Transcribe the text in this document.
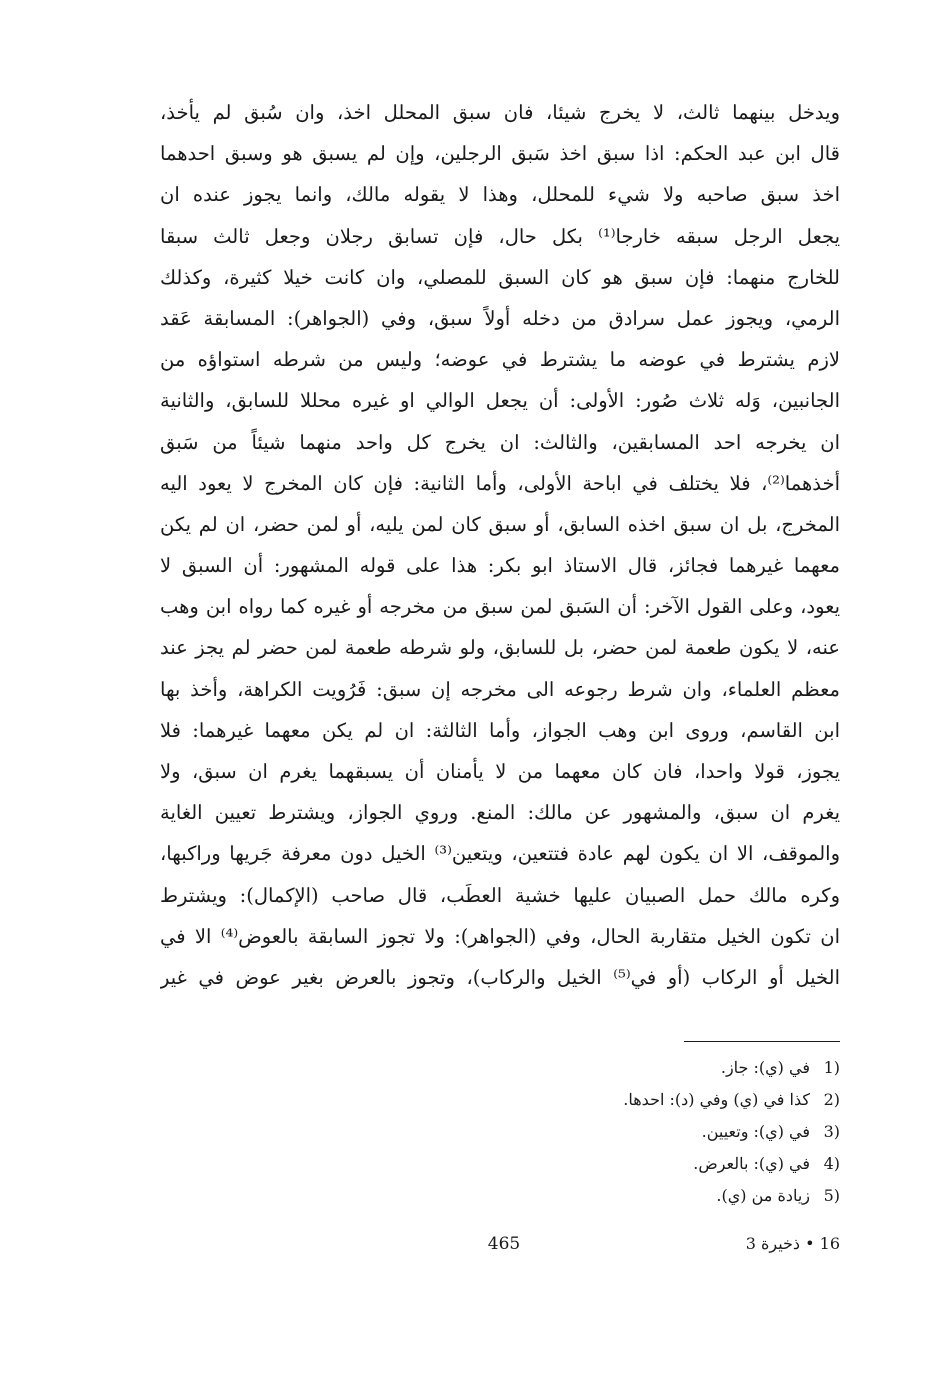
ويدخل بينهما ثالث، لا يخرج شيئا، فان سبق المحلل اخذ، وان سُبق لم يأخذ،
قال ابن عبد الحكم: اذا سبق اخذ سَبق الرجلين، وإن لم يسبق هو وسبق احدهما
اخذ سبق صاحبه ولا شيء للمحلل، وهذا لا يقوله مالك، وانما يجوز عنده ان
يجعل الرجل سبقه خارجا⁽¹⁾ بكل حال، فإن تسابق رجلان وجعل ثالث سبقا
للخارج منهما: فإن سبق هو كان السبق للمصلي، وان كانت خيلا كثيرة، وكذلك
الرمي، ويجوز عمل سرادق من دخله أولاً سبق، وفي (الجواهر): المسابقة عَقد
لازم يشترط في عوضه ما يشترط في عوضه؛ وليس من شرطه استواؤه من
الجانبين، وَله ثلاث صُور: الأولى: أن يجعل الوالي او غيره محللا للسابق، والثانية
ان يخرجه احد المسابقين، والثالث: ان يخرج كل واحد منهما شيئاً من سَبق
أخذهما⁽²⁾، فلا يختلف في اباحة الأولى، وأما الثانية: فإن كان المخرج لا يعود اليه
المخرج، بل ان سبق اخذه السابق، أو سبق كان لمن يليه، أو لمن حضر، ان لم يكن
معهما غيرهما فجائز، قال الاستاذ ابو بكر: هذا على قوله المشهور: أن السبق لا
يعود، وعلى القول الآخر: أن السَبق لمن سبق من مخرجه أو غيره كما رواه ابن وهب
عنه، لا يكون طعمة لمن حضر، بل للسابق، ولو شرطه طعمة لمن حضر لم يجز عند
معظم العلماء، وان شرط رجوعه الى مخرجه إن سبق: فَرُويت الكراهة، وأخذ بها
ابن القاسم، وروى ابن وهب الجواز، وأما الثالثة: ان لم يكن معهما غيرهما: فلا
يجوز، قولا واحدا، فان كان معهما من لا يأمنان أن يسبقهما يغرم ان سبق، ولا
يغرم ان سبق، والمشهور عن مالك: المنع. وروي الجواز، ويشترط تعيين الغاية
والموقف، الا ان يكون لهم عادة فتتعين، ويتعين⁽³⁾ الخيل دون معرفة جَريها وراكبها،
وكره مالك حمل الصبيان عليها خشية العطَب، قال صاحب (الإكمال): ويشترط
ان تكون الخيل متقاربة الحال، وفي (الجواهر): ولا تجوز السابقة بالعوض⁽⁴⁾ الا في
الخيل أو الركاب (أو في⁽⁵⁾ الخيل والركاب)، وتجوز بالعرض بغير عوض في غير
1)في (ي): جاز.
2)كذا في (ي) وفي (د): احدها.
3)في (ي): وتعيين.
4)في (ي): بالعرض.
5)زيادة من (ي).
465	16 • ذخيرة 3
